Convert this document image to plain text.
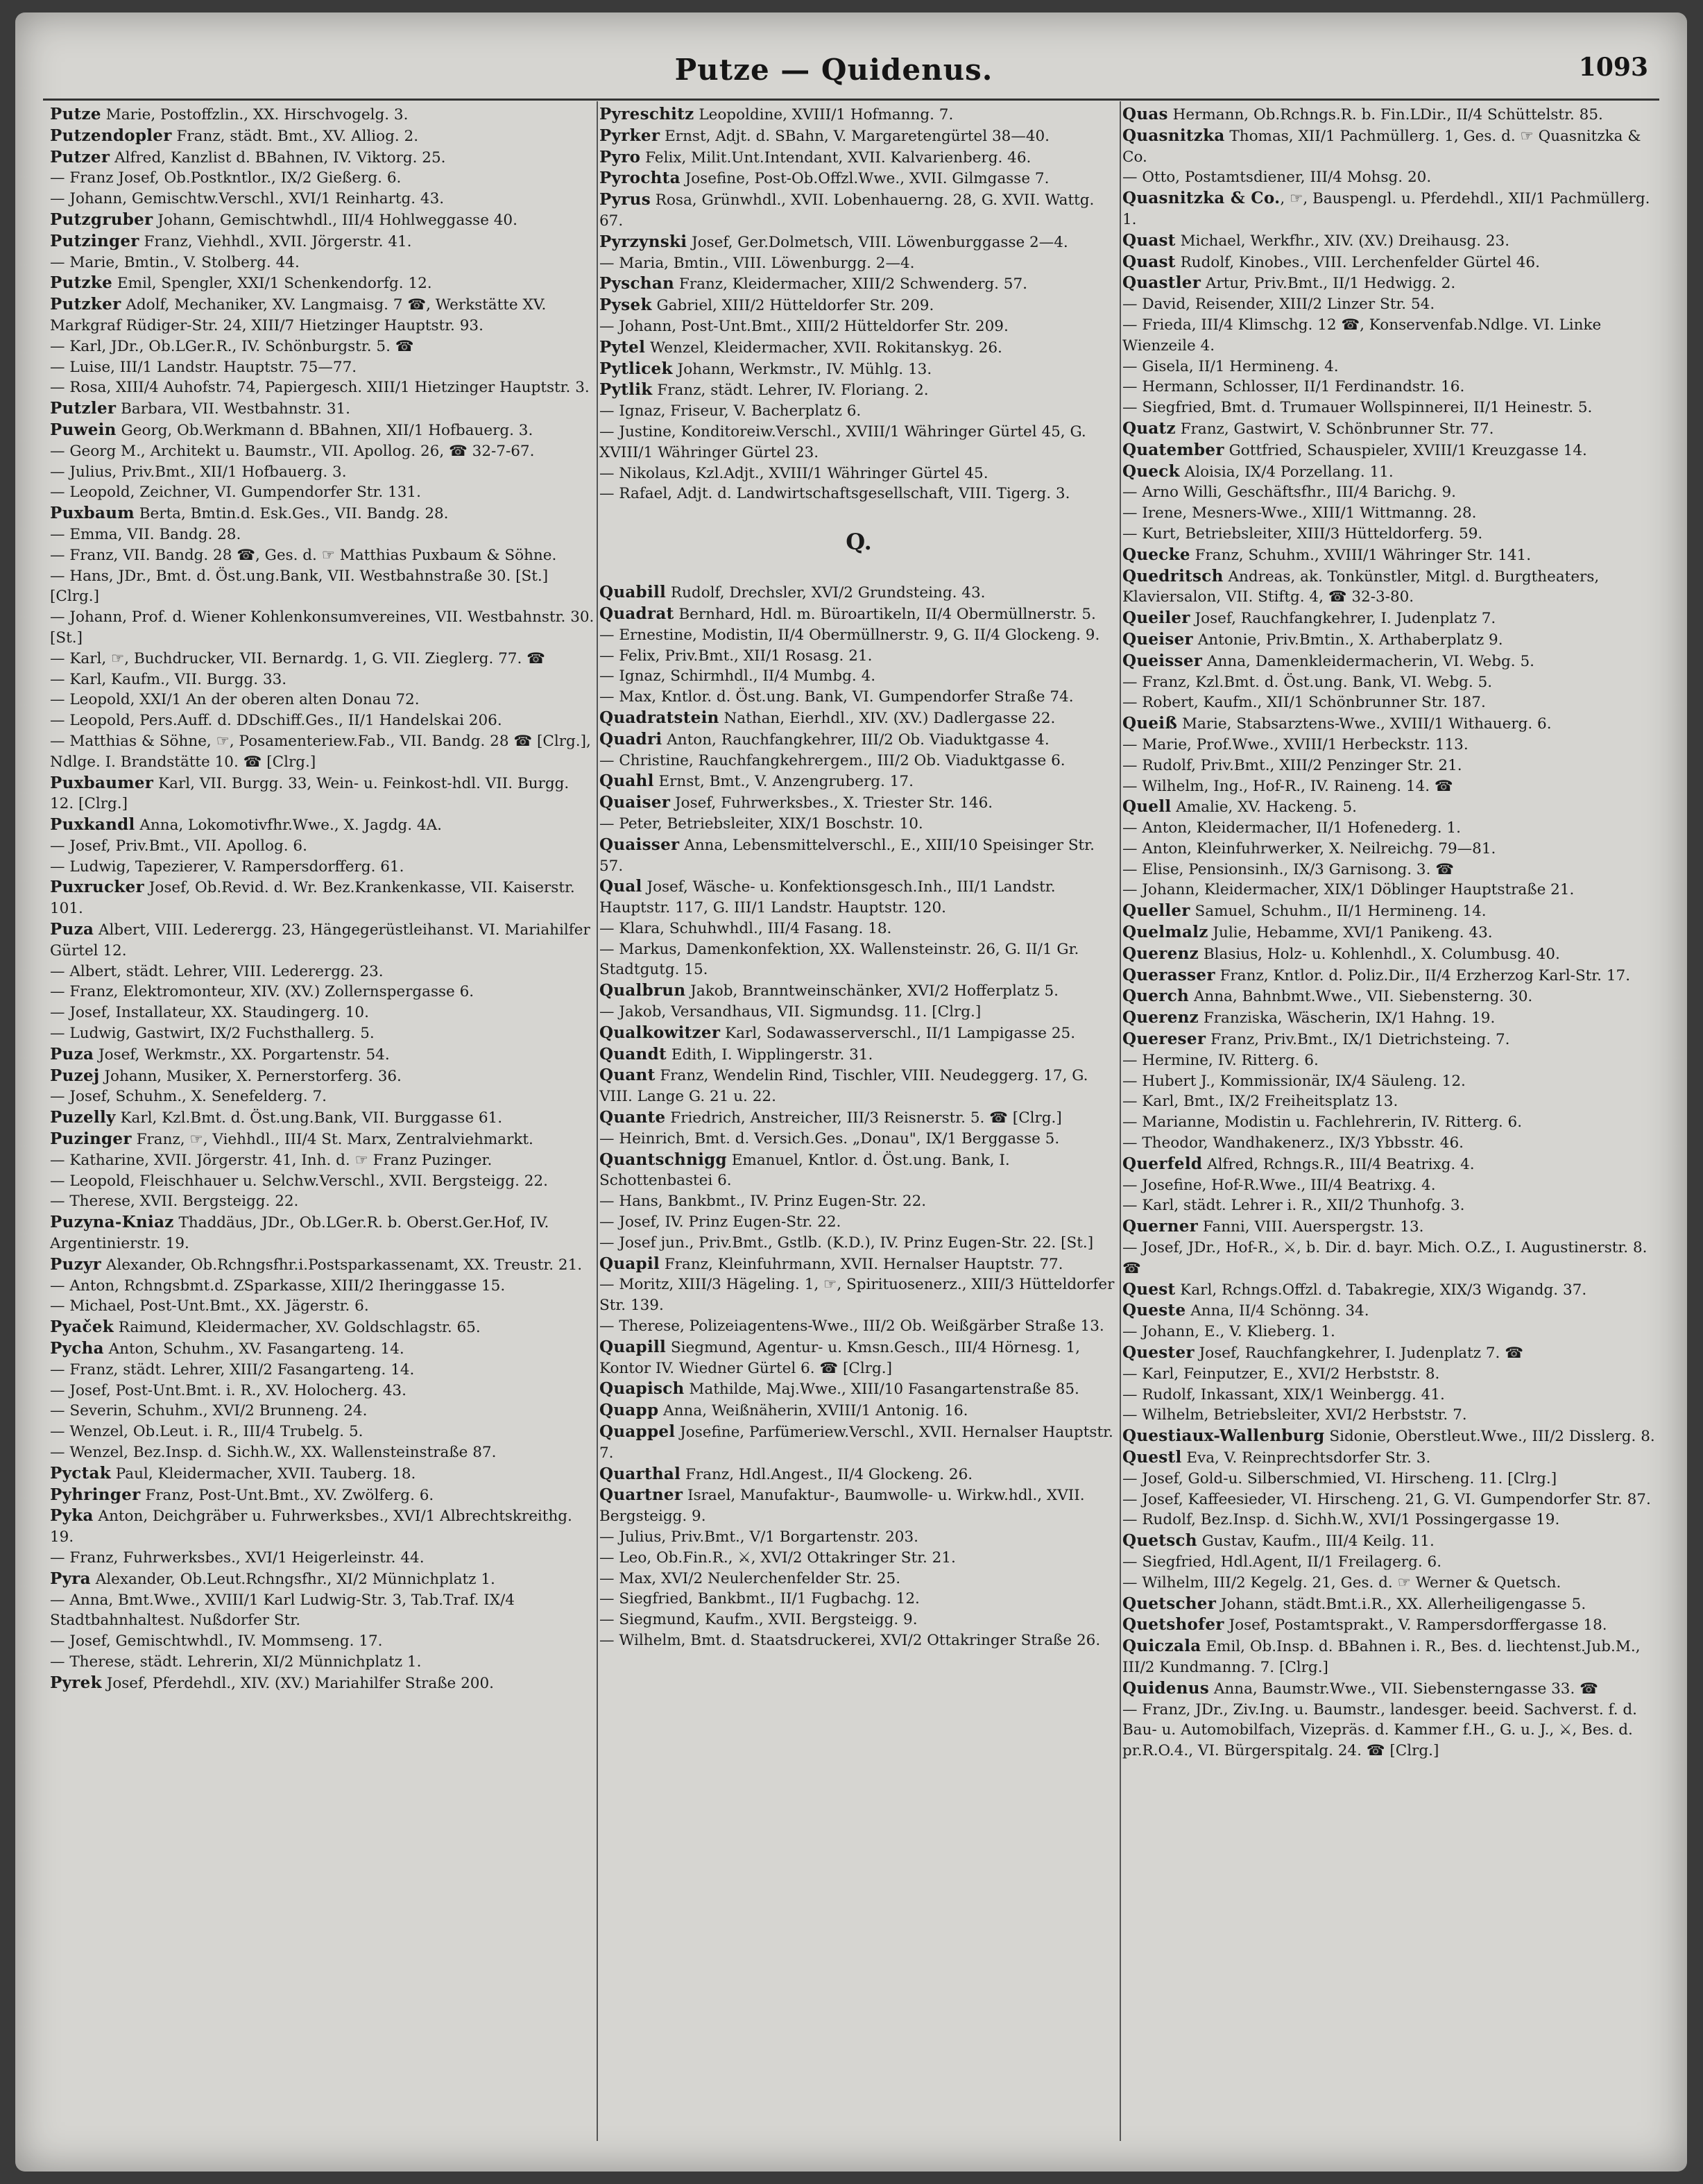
Putze — Quidenus.	1093
Putze Marie, Postoffzlin., XX. Hirschvogelg. 3.
Putzendopler Franz, städt. Bmt., XV. Alliog. 2.
Putzer Alfred, Kanzlist d. BBahnen, IV. Viktorg. 25.
— Franz Josef, Ob.Postkntlor., IX/2 Gießerg. 6.
— Johann, Gemischtw.Verschl., XVI/1 Reinhartg. 43.
Putzgruber Johann, Gemischtwhdl., III/4 Hohlweggasse 40.
Putzinger Franz, Viehhdl., XVII. Jörgerstr. 41.
— Marie, Bmtin., V. Stolberg. 44.
Putzke Emil, Spengler, XXI/1 Schenkendorfg. 12.
Putzker Adolf, Mechaniker, XV. Langmaisg. 7 ☎, Werkstätte XV. Markgraf Rüdiger-Str. 24, XIII/7 Hietzinger Hauptstr. 93.
— Karl, JDr., Ob.LGer.R., IV. Schönburgstr. 5. ☎
— Luise, III/1 Landstr. Hauptstr. 75—77.
— Rosa, XIII/4 Auhofstr. 74, Papiergesch. XIII/1 Hietzinger Hauptstr. 3.
Putzler Barbara, VII. Westbahnstr. 31.
Puwein Georg, Ob.Werkmann d. BBahnen, XII/1 Hofbauerg. 3.
— Georg M., Architekt u. Baumstr., VII. Apollog. 26, ☎ 32-7-67.
— Julius, Priv.Bmt., XII/1 Hofbauerg. 3.
— Leopold, Zeichner, VI. Gumpendorfer Str. 131.
Puxbaum Berta, Bmtin.d. Esk.Ges., VII. Bandg. 28.
— Emma, VII. Bandg. 28.
— Franz, VII. Bandg. 28 ☎, Ges. d. ☞ Matthias Puxbaum & Söhne.
— Hans, JDr., Bmt. d. Öst.ung.Bank, VII. Westbahnstraße 30. [St.] [Clrg.]
— Johann, Prof. d. Wiener Kohlenkonsumvereines, VII. Westbahnstr. 30. [St.]
— Karl, ☞, Buchdrucker, VII. Bernardg. 1, G. VII. Zieglerg. 77. ☎
— Karl, Kaufm., VII. Burgg. 33.
— Leopold, XXI/1 An der oberen alten Donau 72.
— Leopold, Pers.Auff. d. DDschiff.Ges., II/1 Handelskai 206.
— Matthias & Söhne, ☞, Posamenteriew.Fab., VII. Bandg. 28 ☎ [Clrg.], Ndlge. I. Brandstätte 10. ☎ [Clrg.]
Puxbaumer Karl, VII. Burgg. 33, Wein- u. Feinkost-hdl. VII. Burgg. 12. [Clrg.]
Puxkandl Anna, Lokomotivfhr.Wwe., X. Jagdg. 4A.
— Josef, Priv.Bmt., VII. Apollog. 6.
— Ludwig, Tapezierer, V. Rampersdorfferg. 61.
Puxrucker Josef, Ob.Revid. d. Wr. Bez.Krankenkasse, VII. Kaiserstr. 101.
Puza Albert, VIII. Lederergg. 23, Hängegerüstleihanst. VI. Mariahilfer Gürtel 12.
— Albert, städt. Lehrer, VIII. Lederergg. 23.
— Franz, Elektromonteur, XIV. (XV.) Zollernspergasse 6.
— Josef, Installateur, XX. Staudingerg. 10.
— Ludwig, Gastwirt, IX/2 Fuchsthallerg. 5.
Puza Josef, Werkmstr., XX. Porgartenstr. 54.
Puzej Johann, Musiker, X. Pernerstorferg. 36.
— Josef, Schuhm., X. Senefelderg. 7.
Puzelly Karl, Kzl.Bmt. d. Öst.ung.Bank, VII. Burggasse 61.
Puzinger Franz, ☞, Viehhdl., III/4 St. Marx, Zentralviehmarkt.
— Katharine, XVII. Jörgerstr. 41, Inh. d. ☞ Franz Puzinger.
— Leopold, Fleischhauer u. Selchw.Verschl., XVII. Bergsteigg. 22.
— Therese, XVII. Bergsteigg. 22.
Puzyna-Kniaz Thaddäus, JDr., Ob.LGer.R. b. Oberst.Ger.Hof, IV. Argentinierstr. 19.
Puzyr Alexander, Ob.Rchngsfhr.i.Postsparkassenamt, XX. Treustr. 21.
— Anton, Rchngsbmt.d. ZSparkasse, XIII/2 Iheringgasse 15.
— Michael, Post-Unt.Bmt., XX. Jägerstr. 6.
Pyaček Raimund, Kleidermacher, XV. Goldschlagstr. 65.
Pycha Anton, Schuhm., XV. Fasangarteng. 14.
— Franz, städt. Lehrer, XIII/2 Fasangarteng. 14.
— Josef, Post-Unt.Bmt. i. R., XV. Holocherg. 43.
— Severin, Schuhm., XVI/2 Brunneng. 24.
— Wenzel, Ob.Leut. i. R., III/4 Trubelg. 5.
— Wenzel, Bez.Insp. d. Sichh.W., XX. Wallensteinstraße 87.
Pyctak Paul, Kleidermacher, XVII. Tauberg. 18.
Pyhringer Franz, Post-Unt.Bmt., XV. Zwölferg. 6.
Pyka Anton, Deichgräber u. Fuhrwerksbes., XVI/1 Albrechtskreithg. 19.
— Franz, Fuhrwerksbes., XVI/1 Heigerleinstr. 44.
Pyra Alexander, Ob.Leut.Rchngsfhr., XI/2 Münnichplatz 1.
— Anna, Bmt.Wwe., XVIII/1 Karl Ludwig-Str. 3, Tab.Traf. IX/4 Stadtbahnhaltest. Nußdorfer Str.
— Josef, Gemischtwhdl., IV. Mommseng. 17.
— Therese, städt. Lehrerin, XI/2 Münnichplatz 1.
Pyrek Josef, Pferdehdl., XIV. (XV.) Mariahilfer Straße 200.
Pyreschitz Leopoldine, XVIII/1 Hofmanng. 7.
Pyrker Ernst, Adjt. d. SBahn, V. Margaretengürtel 38—40.
Pyro Felix, Milit.Unt.Intendant, XVII. Kalvarienberg. 46.
Pyrochta Josefine, Post-Ob.Offzl.Wwe., XVII. Gilmgasse 7.
Pyrus Rosa, Grünwhdl., XVII. Lobenhauerng. 28, G. XVII. Wattg. 67.
Pyrzynski Josef, Ger.Dolmetsch, VIII. Löwenburggasse 2—4.
— Maria, Bmtin., VIII. Löwenburgg. 2—4.
Pyschan Franz, Kleidermacher, XIII/2 Schwenderg. 57.
Pysek Gabriel, XIII/2 Hütteldorfer Str. 209.
— Johann, Post-Unt.Bmt., XIII/2 Hütteldorfer Str. 209.
Pytel Wenzel, Kleidermacher, XVII. Rokitanskyg. 26.
Pytlicek Johann, Werkmstr., IV. Mühlg. 13.
Pytlik Franz, städt. Lehrer, IV. Floriang. 2.
— Ignaz, Friseur, V. Bacherplatz 6.
— Justine, Konditoreiw.Verschl., XVIII/1 Währinger Gürtel 45, G. XVIII/1 Währinger Gürtel 23.
— Nikolaus, Kzl.Adjt., XVIII/1 Währinger Gürtel 45.
— Rafael, Adjt. d. Landwirtschaftsgesellschaft, VIII. Tigerg. 3.
Q.
Quabill Rudolf, Drechsler, XVI/2 Grundsteing. 43.
Quadrat Bernhard, Hdl. m. Büroartikeln, II/4 Obermüllnerstr. 5.
— Ernestine, Modistin, II/4 Obermüllnerstr. 9, G. II/4 Glockeng. 9.
— Felix, Priv.Bmt., XII/1 Rosasg. 21.
— Ignaz, Schirmhdl., II/4 Mumbg. 4.
— Max, Kntlor. d. Öst.ung. Bank, VI. Gumpendorfer Straße 74.
Quadratstein Nathan, Eierhdl., XIV. (XV.) Dadlergasse 22.
Quadri Anton, Rauchfangkehrer, III/2 Ob. Viaduktgasse 4.
— Christine, Rauchfangkehrergem., III/2 Ob. Viaduktgasse 6.
Quahl Ernst, Bmt., V. Anzengruberg. 17.
Quaiser Josef, Fuhrwerksbes., X. Triester Str. 146.
— Peter, Betriebsleiter, XIX/1 Boschstr. 10.
Quaisser Anna, Lebensmittelverschl., E., XIII/10 Speisinger Str. 57.
Qual Josef, Wäsche- u. Konfektionsgesch.Inh., III/1 Landstr. Hauptstr. 117, G. III/1 Landstr. Hauptstr. 120.
— Klara, Schuhwhdl., III/4 Fasang. 18.
— Markus, Damenkonfektion, XX. Wallensteinstr. 26, G. II/1 Gr. Stadtgutg. 15.
Qualbrun Jakob, Branntweinschänker, XVI/2 Hofferplatz 5.
— Jakob, Versandhaus, VII. Sigmundsg. 11. [Clrg.]
Qualkowitzer Karl, Sodawasserverschl., II/1 Lampigasse 25.
Quandt Edith, I. Wipplingerstr. 31.
Quant Franz, Wendelin Rind, Tischler, VIII. Neudeggerg. 17, G. VIII. Lange G. 21 u. 22.
Quante Friedrich, Anstreicher, III/3 Reisnerstr. 5. ☎ [Clrg.]
— Heinrich, Bmt. d. Versich.Ges. „Donau", IX/1 Berggasse 5.
Quantschnigg Emanuel, Kntlor. d. Öst.ung. Bank, I. Schottenbastei 6.
— Hans, Bankbmt., IV. Prinz Eugen-Str. 22.
— Josef, IV. Prinz Eugen-Str. 22.
— Josef jun., Priv.Bmt., Gstlb. (K.D.), IV. Prinz Eugen-Str. 22. [St.]
Quapil Franz, Kleinfuhrmann, XVII. Hernalser Hauptstr. 77.
— Moritz, XIII/3 Hägeling. 1, ☞, Spirituosenerz., XIII/3 Hütteldorfer Str. 139.
— Therese, Polizeiagentens-Wwe., III/2 Ob. Weißgärber Straße 13.
Quapill Siegmund, Agentur- u. Kmsn.Gesch., III/4 Hörnesg. 1, Kontor IV. Wiedner Gürtel 6. ☎ [Clrg.]
Quapisch Mathilde, Maj.Wwe., XIII/10 Fasangartenstraße 85.
Quapp Anna, Weißnäherin, XVIII/1 Antonig. 16.
Quappel Josefine, Parfümeriew.Verschl., XVII. Hernalser Hauptstr. 7.
Quarthal Franz, Hdl.Angest., II/4 Glockeng. 26.
Quartner Israel, Manufaktur-, Baumwolle- u. Wirkw.hdl., XVII. Bergsteigg. 9.
— Julius, Priv.Bmt., V/1 Borgartenstr. 203.
— Leo, Ob.Fin.R., ⚔, XVI/2 Ottakringer Str. 21.
— Max, XVI/2 Neulerchenfelder Str. 25.
— Siegfried, Bankbmt., II/1 Fugbachg. 12.
— Siegmund, Kaufm., XVII. Bergsteigg. 9.
— Wilhelm, Bmt. d. Staatsdruckerei, XVI/2 Ottakringer Straße 26.
Quas Hermann, Ob.Rchngs.R. b. Fin.LDir., II/4 Schüttelstr. 85.
Quasnitzka Thomas, XII/1 Pachmüllerg. 1, Ges. d. ☞ Quasnitzka & Co.
— Otto, Postamtsdiener, III/4 Mohsg. 20.
Quasnitzka & Co., ☞, Bauspengl. u. Pferdehdl., XII/1 Pachmüllerg. 1.
Quast Michael, Werkfhr., XIV. (XV.) Dreihausg. 23.
Quast Rudolf, Kinobes., VIII. Lerchenfelder Gürtel 46.
Quastler Artur, Priv.Bmt., II/1 Hedwigg. 2.
— David, Reisender, XIII/2 Linzer Str. 54.
— Frieda, III/4 Klimschg. 12 ☎, Konservenfab.Ndlge. VI. Linke Wienzeile 4.
— Gisela, II/1 Hermineng. 4.
— Hermann, Schlosser, II/1 Ferdinandstr. 16.
— Siegfried, Bmt. d. Trumauer Wollspinnerei, II/1 Heinestr. 5.
Quatz Franz, Gastwirt, V. Schönbrunner Str. 77.
Quatember Gottfried, Schauspieler, XVIII/1 Kreuzgasse 14.
Queck Aloisia, IX/4 Porzellang. 11.
— Arno Willi, Geschäftsfhr., III/4 Barichg. 9.
— Irene, Mesners-Wwe., XIII/1 Wittmanng. 28.
— Kurt, Betriebsleiter, XIII/3 Hütteldorferg. 59.
Quecke Franz, Schuhm., XVIII/1 Währinger Str. 141.
Quedritsch Andreas, ak. Tonkünstler, Mitgl. d. Burgtheaters, Klaviersalon, VII. Stiftg. 4, ☎ 32-3-80.
Queiler Josef, Rauchfangkehrer, I. Judenplatz 7.
Queiser Antonie, Priv.Bmtin., X. Arthaberplatz 9.
Queisser Anna, Damenkleidermacherin, VI. Webg. 5.
— Franz, Kzl.Bmt. d. Öst.ung. Bank, VI. Webg. 5.
— Robert, Kaufm., XII/1 Schönbrunner Str. 187.
Queiß Marie, Stabsarztens-Wwe., XVIII/1 Withauerg. 6.
— Marie, Prof.Wwe., XVIII/1 Herbeckstr. 113.
— Rudolf, Priv.Bmt., XIII/2 Penzinger Str. 21.
— Wilhelm, Ing., Hof-R., IV. Raineng. 14. ☎
Quell Amalie, XV. Hackeng. 5.
— Anton, Kleidermacher, II/1 Hofenederg. 1.
— Anton, Kleinfuhrwerker, X. Neilreichg. 79—81.
— Elise, Pensionsinh., IX/3 Garnisong. 3. ☎
— Johann, Kleidermacher, XIX/1 Döblinger Hauptstraße 21.
Queller Samuel, Schuhm., II/1 Hermineng. 14.
Quelmalz Julie, Hebamme, XVI/1 Panikeng. 43.
Querenz Blasius, Holz- u. Kohlenhdl., X. Columbusg. 40.
Querasser Franz, Kntlor. d. Poliz.Dir., II/4 Erzherzog Karl-Str. 17.
Querch Anna, Bahnbmt.Wwe., VII. Siebensterng. 30.
Querenz Franziska, Wäscherin, IX/1 Hahng. 19.
Quereser Franz, Priv.Bmt., IX/1 Dietrichsteing. 7.
— Hermine, IV. Ritterg. 6.
— Hubert J., Kommissionär, IX/4 Säuleng. 12.
— Karl, Bmt., IX/2 Freiheitsplatz 13.
— Marianne, Modistin u. Fachlehrerin, IV. Ritterg. 6.
— Theodor, Wandhakenerz., IX/3 Ybbsstr. 46.
Querfeld Alfred, Rchngs.R., III/4 Beatrixg. 4.
— Josefine, Hof-R.Wwe., III/4 Beatrixg. 4.
— Karl, städt. Lehrer i. R., XII/2 Thunhofg. 3.
Querner Fanni, VIII. Auerspergstr. 13.
— Josef, JDr., Hof-R., ⚔, b. Dir. d. bayr. Mich. O.Z., I. Augustinerstr. 8. ☎
Quest Karl, Rchngs.Offzl. d. Tabakregie, XIX/3 Wigandg. 37.
Queste Anna, II/4 Schönng. 34.
— Johann, E., V. Klieberg. 1.
Quester Josef, Rauchfangkehrer, I. Judenplatz 7. ☎
— Karl, Feinputzer, E., XVI/2 Herbststr. 8.
— Rudolf, Inkassant, XIX/1 Weinbergg. 41.
— Wilhelm, Betriebsleiter, XVI/2 Herbststr. 7.
Questiaux-Wallenburg Sidonie, Oberstleut.Wwe., III/2 Disslerg. 8.
Questl Eva, V. Reinprechtsdorfer Str. 3.
— Josef, Gold-u. Silberschmied, VI. Hirscheng. 11. [Clrg.]
— Josef, Kaffeesieder, VI. Hirscheng. 21, G. VI. Gumpendorfer Str. 87.
— Rudolf, Bez.Insp. d. Sichh.W., XVI/1 Possingergasse 19.
Quetsch Gustav, Kaufm., III/4 Keilg. 11.
— Siegfried, Hdl.Agent, II/1 Freilagerg. 6.
— Wilhelm, III/2 Kegelg. 21, Ges. d. ☞ Werner & Quetsch.
Quetscher Johann, städt.Bmt.i.R., XX. Allerheiligengasse 5.
Quetshofer Josef, Postamtsprakt., V. Rampersdorffergasse 18.
Quiczala Emil, Ob.Insp. d. BBahnen i. R., Bes. d. liechtenst.Jub.M., III/2 Kundmanng. 7. [Clrg.]
Quidenus Anna, Baumstr.Wwe., VII. Siebensterngasse 33. ☎
— Franz, JDr., Ziv.Ing. u. Baumstr., landesger. beeid. Sachverst. f. d. Bau- u. Automobilfach, Vizepräs. d. Kammer f.H., G. u. J., ⚔, Bes. d. pr.R.O.4., VI. Bürgerspitalg. 24. ☎ [Clrg.]
